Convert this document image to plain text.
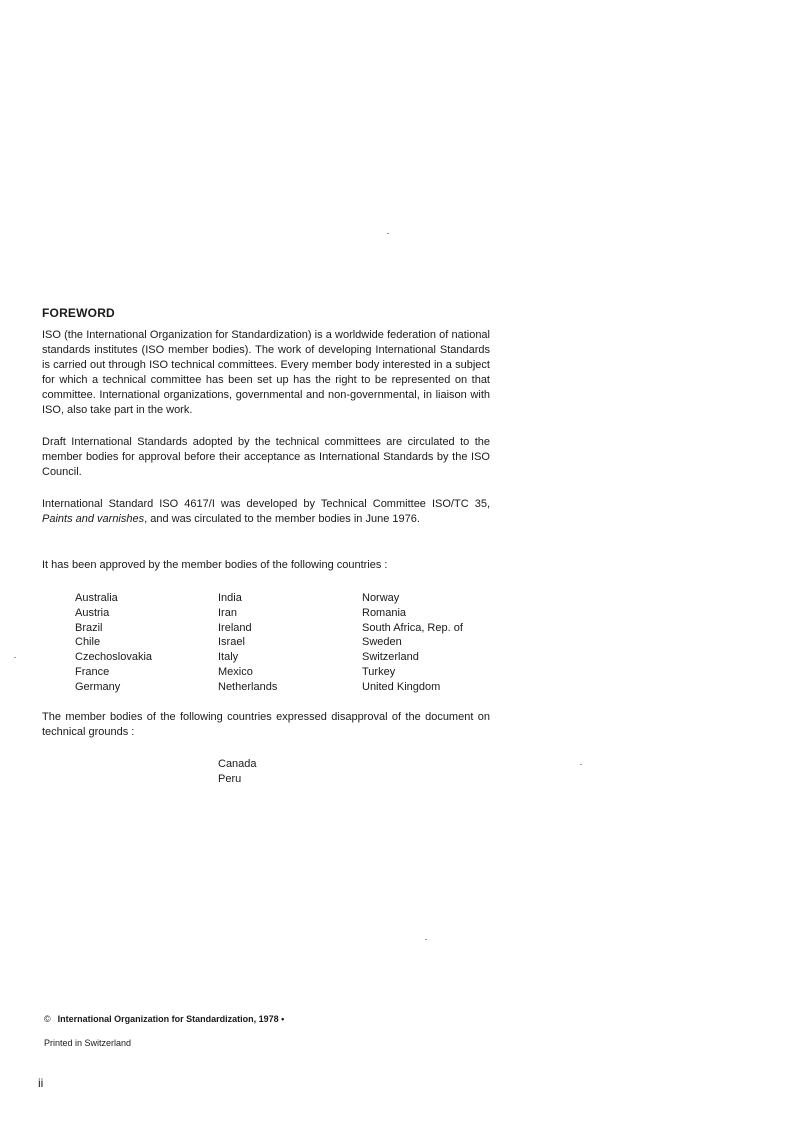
FOREWORD
ISO (the International Organization for Standardization) is a worldwide federation of national standards institutes (ISO member bodies). The work of developing International Standards is carried out through ISO technical committees. Every member body interested in a subject for which a technical committee has been set up has the right to be represented on that committee. International organizations, governmental and non-governmental, in liaison with ISO, also take part in the work.
Draft International Standards adopted by the technical committees are circulated to the member bodies for approval before their acceptance as International Standards by the ISO Council.
International Standard ISO 4617/I was developed by Technical Committee ISO/TC 35, Paints and varnishes, and was circulated to the member bodies in June 1976.
It has been approved by the member bodies of the following countries :
Australia
Austria
Brazil
Chile
Czechoslovakia
France
Germany
India
Iran
Ireland
Israel
Italy
Mexico
Netherlands
Norway
Romania
South Africa, Rep. of
Sweden
Switzerland
Turkey
United Kingdom
The member bodies of the following countries expressed disapproval of the document on technical grounds :
Canada
Peru
© International Organization for Standardization, 1978 •
Printed in Switzerland
ii
